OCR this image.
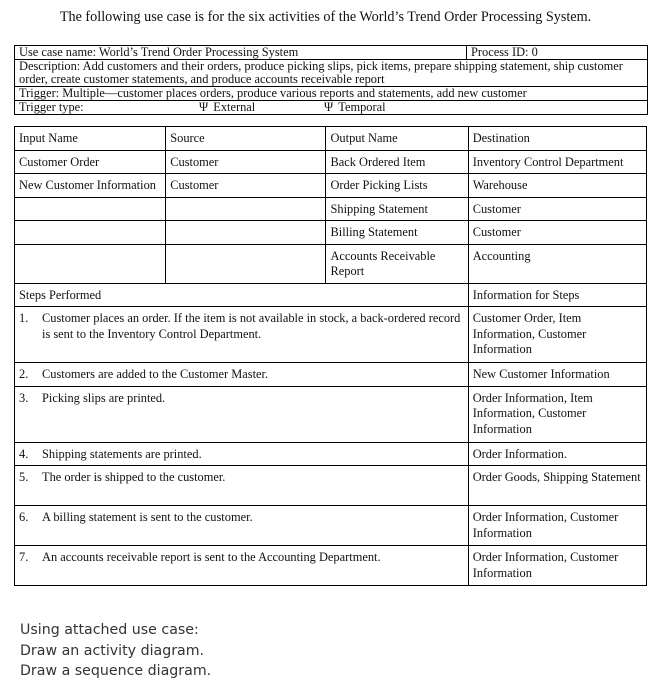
The following use case is for the six activities of the World’s Trend Order Processing System.
Use case name: World’s Trend Order Processing System	Process ID: 0
Description: Add customers and their orders, produce picking slips, pick items, prepare shipping statement, ship customer order, create customer statements, and produce accounts receivable report
Trigger: Multiple—customer places orders, produce various reports and statements, add new customer
Trigger type:	Ψ External	Ψ Temporal
Input Name	Source	Output Name	Destination
Customer Order	Customer	Back Ordered Item	Inventory Control Department
New Customer Information	Customer	Order Picking Lists	Warehouse
		Shipping Statement	Customer
		Billing Statement	Customer
		Accounts Receivable Report	Accounting
Steps Performed			Information for Steps

1. Customer places an order. If the item is not available in stock, a back-ordered record is sent to the Inventory Control Department.			Customer Order, Item Information, Customer Information

2. Customers are added to the Customer Master.			New Customer Information

3. Picking slips are printed.			Order Information, Item Information, Customer Information

4. Shipping statements are printed.			Order Information.

5. The order is shipped to the customer.			Order Goods, Shipping Statement

6. A billing statement is sent to the customer.			Order Information, Customer Information

7. An accounts receivable report is sent to the Accounting Department.			Order Information, Customer Information
Using attached use case:
Draw an activity diagram.
Draw a sequence diagram.
